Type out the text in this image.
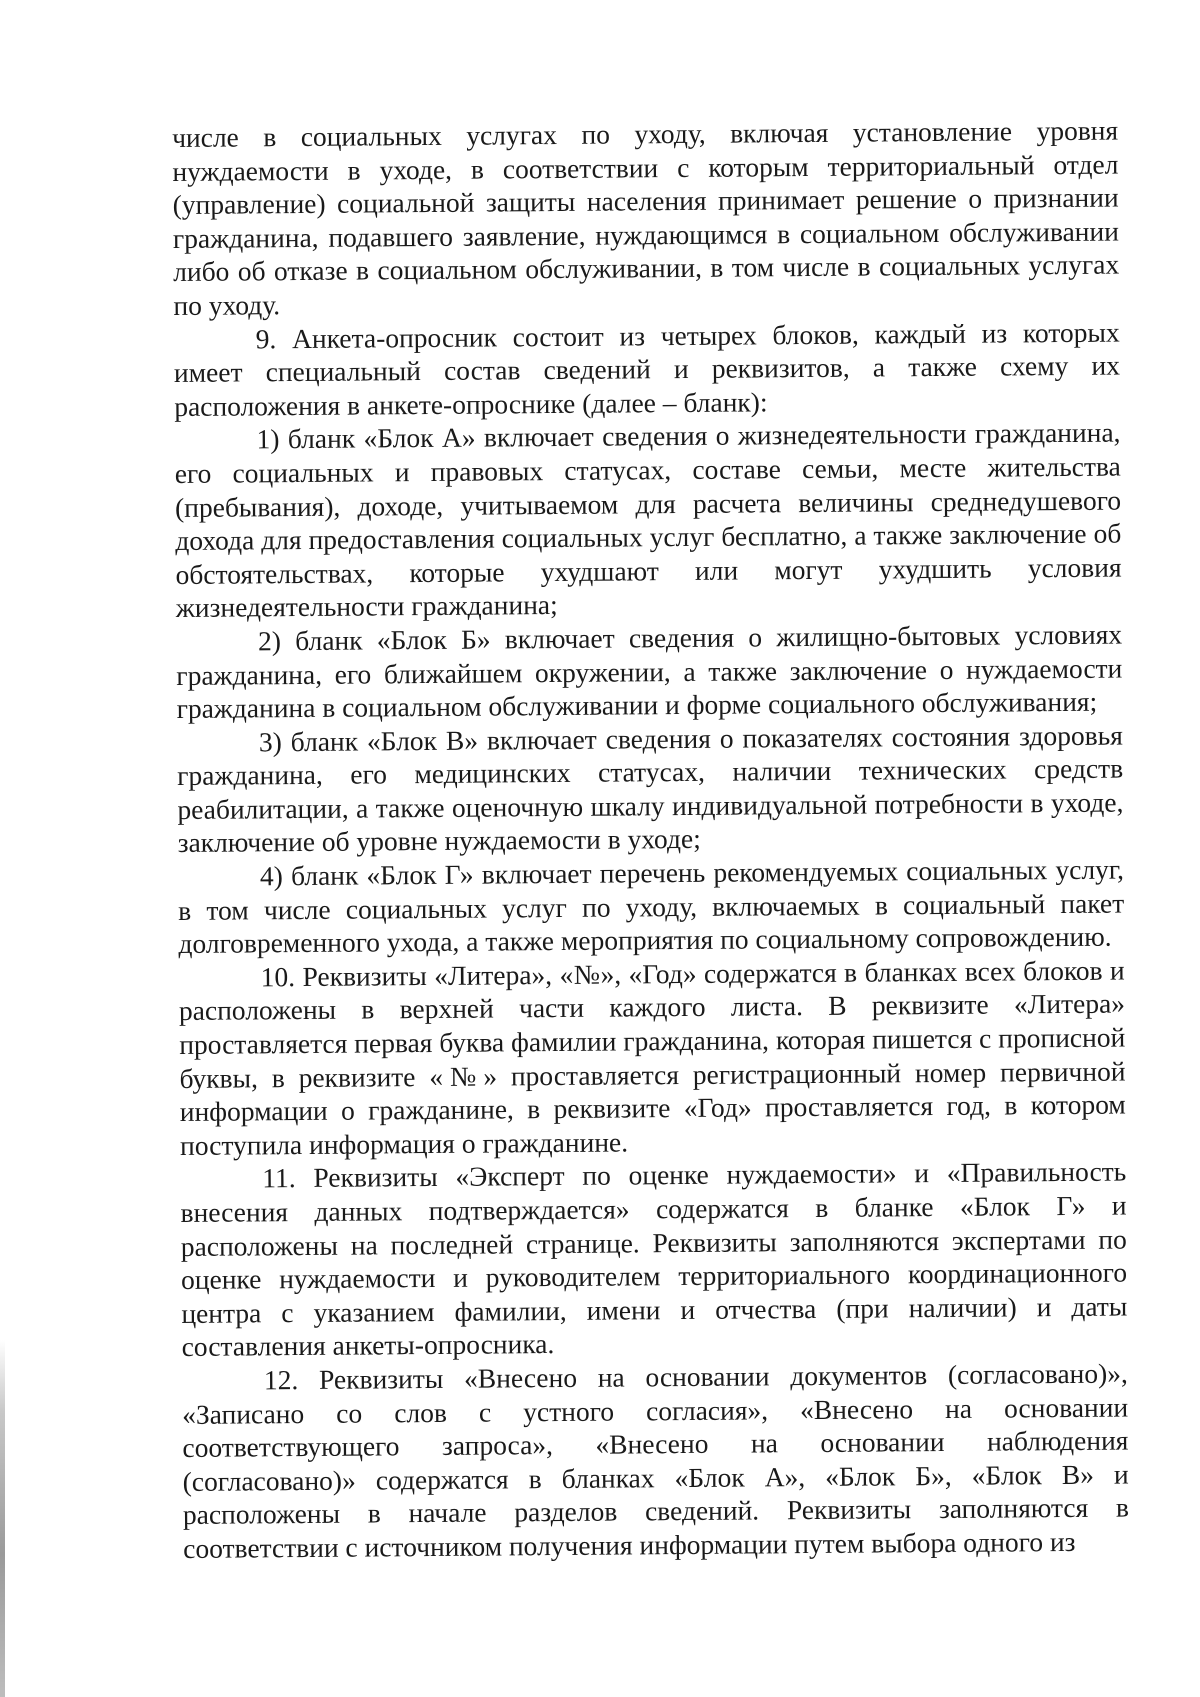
числе в социальных услугах по уходу, включая установление уровня нуждаемости в уходе, в соответствии с которым территориальный отдел (управление) социальной защиты населения принимает решение о признании гражданина, подавшего заявление, нуждающимся в социальном обслуживании либо об отказе в социальном обслуживании, в том числе в социальных услугах по уходу.

9. Анкета-опросник состоит из четырех блоков, каждый из которых имеет специальный состав сведений и реквизитов, а также схему их расположения в анкете-опроснике (далее – бланк):

1) бланк «Блок А» включает сведения о жизнедеятельности гражданина, его социальных и правовых статусах, составе семьи, месте жительства (пребывания), доходе, учитываемом для расчета величины среднедушевого дохода для предоставления социальных услуг бесплатно, а также заключение об обстоятельствах, которые ухудшают или могут ухудшить условия жизнедеятельности гражданина;

2) бланк «Блок Б» включает сведения о жилищно-бытовых условиях гражданина, его ближайшем окружении, а также заключение о нуждаемости гражданина в социальном обслуживании и форме социального обслуживания;

3) бланк «Блок В» включает сведения о показателях состояния здоровья гражданина, его медицинских статусах, наличии технических средств реабилитации, а также оценочную шкалу индивидуальной потребности в уходе, заключение об уровне нуждаемости в уходе;

4) бланк «Блок Г» включает перечень рекомендуемых социальных услуг, в том числе социальных услуг по уходу, включаемых в социальный пакет долговременного ухода, а также мероприятия по социальному сопровождению.

10. Реквизиты «Литера», «№», «Год» содержатся в бланках всех блоков и расположены в верхней части каждого листа. В реквизите «Литера» проставляется первая буква фамилии гражданина, которая пишется с прописной буквы, в реквизите «№» проставляется регистрационный номер первичной информации о гражданине, в реквизите «Год» проставляется год, в котором поступила информация о гражданине.

11. Реквизиты «Эксперт по оценке нуждаемости» и «Правильность внесения данных подтверждается» содержатся в бланке «Блок Г» и расположены на последней странице. Реквизиты заполняются экспертами по оценке нуждаемости и руководителем территориального координационного центра с указанием фамилии, имени и отчества (при наличии) и даты составления анкеты-опросника.

12. Реквизиты «Внесено на основании документов (согласовано)», «Записано со слов с устного согласия», «Внесено на основании соответствующего запроса», «Внесено на основании наблюдения (согласовано)» содержатся в бланках «Блок А», «Блок Б», «Блок В» и расположены в начале разделов сведений. Реквизиты заполняются в соответствии с источником получения информации путем выбора одного из
